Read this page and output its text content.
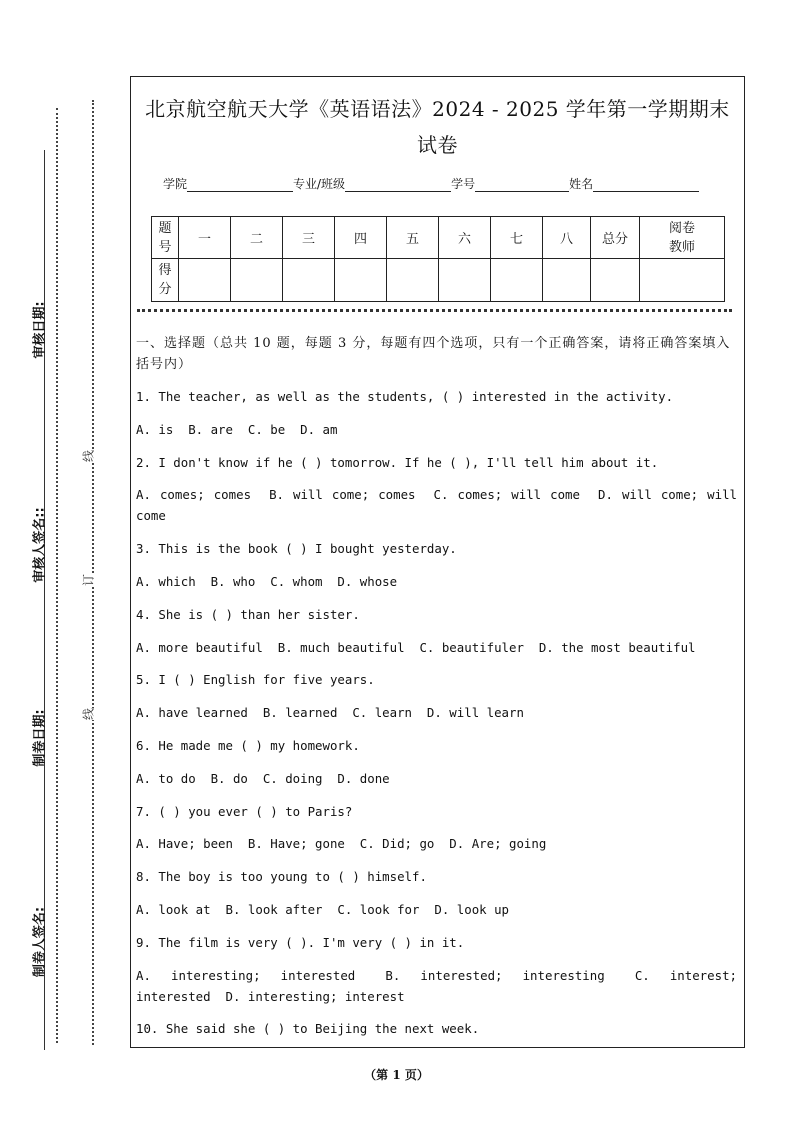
制卷人签名:
制卷日期:
审核人签名::
审核日期:
线
订
线
北京航空航天大学《英语语法》2024 - 2025 学年第一学期期末试卷
学院	专业/班级	学号	姓名
题号	一	二	三	四	五	六	七	八	总分	阅卷教师

得分										

一、选择题（总共 10 题，每题 3 分，每题有四个选项，只有一个正确答案，请将正确答案填入括号内）
1. The teacher, as well as the students, ( ) interested in the activity.
A. is  B. are  C. be  D. am
2. I don't know if he ( ) tomorrow. If he ( ), I'll tell him about it.
A. comes; comes  B. will come; comes  C. comes; will come  D. will come; will come
3. This is the book ( ) I bought yesterday.
A. which  B. who  C. whom  D. whose
4. She is ( ) than her sister.
A. more beautiful  B. much beautiful  C. beautifuler  D. the most beautiful
5. I ( ) English for five years.
A. have learned  B. learned  C. learn  D. will learn
6. He made me ( ) my homework.
A. to do  B. do  C. doing  D. done
7. ( ) you ever ( ) to Paris?
A. Have; been  B. Have; gone  C. Did; go  D. Are; going
8. The boy is too young to ( ) himself.
A. look at  B. look after  C. look for  D. look up
9. The film is very ( ). I'm very ( ) in it.
A.  interesting;  interested   B.  interested;  interesting   C.  interest; interested  D. interesting; interest
10. She said she ( ) to Beijing the next week.
（第 1 页）
